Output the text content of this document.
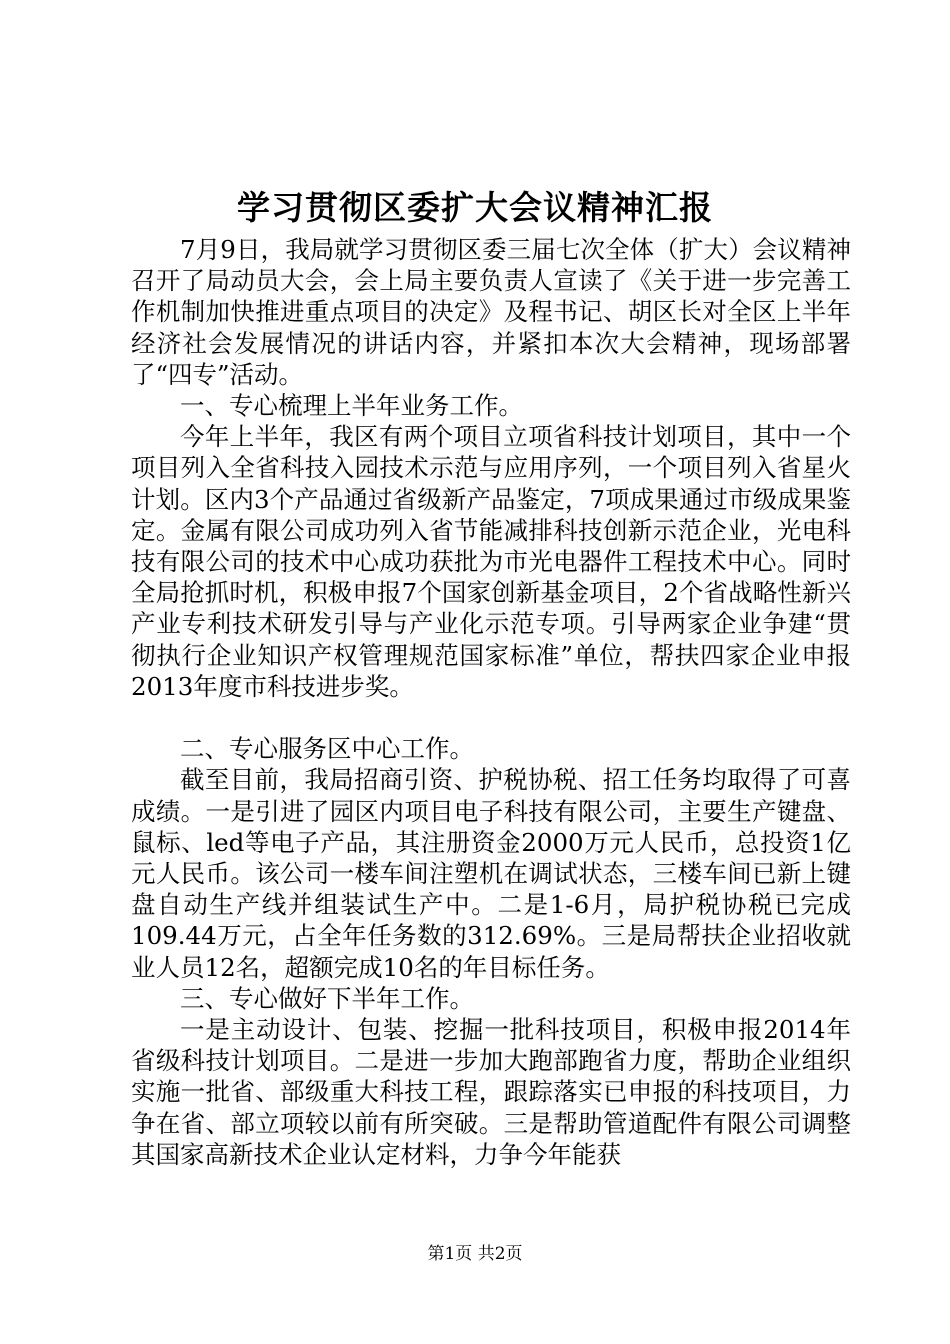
学习贯彻区委扩大会议精神汇报

7月9日，我局就学习贯彻区委三届七次全体（扩大）会议精神召开了局动员大会，会上局主要负责人宣读了《关于进一步完善工作机制加快推进重点项目的决定》及程书记、胡区长对全区上半年经济社会发展情况的讲话内容，并紧扣本次大会精神，现场部署了“四专”活动。

一、专心梳理上半年业务工作。

今年上半年，我区有两个项目立项省科技计划项目，其中一个项目列入全省科技入园技术示范与应用序列，一个项目列入省星火计划。区内3个产品通过省级新产品鉴定，7项成果通过市级成果鉴定。金属有限公司成功列入省节能减排科技创新示范企业，光电科技有限公司的技术中心成功获批为市光电器件工程技术中心。同时全局抢抓时机，积极申报7个国家创新基金项目，2个省战略性新兴产业专利技术研发引导与产业化示范专项。引导两家企业争建“贯彻执行企业知识产权管理规范国家标准”单位，帮扶四家企业申报2013年度市科技进步奖。

二、专心服务区中心工作。

截至目前，我局招商引资、护税协税、招工任务均取得了可喜成绩。一是引进了园区内项目电子科技有限公司，主要生产键盘、鼠标、led等电子产品，其注册资金2000万元人民币，总投资1亿元人民币。该公司一楼车间注塑机在调试状态，三楼车间已新上键盘自动生产线并组装试生产中。二是1-6月，局护税协税已完成109.44万元，占全年任务数的312.69%。三是局帮扶企业招收就业人员12名，超额完成10名的年目标任务。

三、专心做好下半年工作。

一是主动设计、包装、挖掘一批科技项目，积极申报2014年省级科技计划项目。二是进一步加大跑部跑省力度，帮助企业组织实施一批省、部级重大科技工程，跟踪落实已申报的科技项目，力争在省、部立项较以前有所突破。三是帮助管道配件有限公司调整其国家高新技术企业认定材料，力争今年能获

第1页 共2页
